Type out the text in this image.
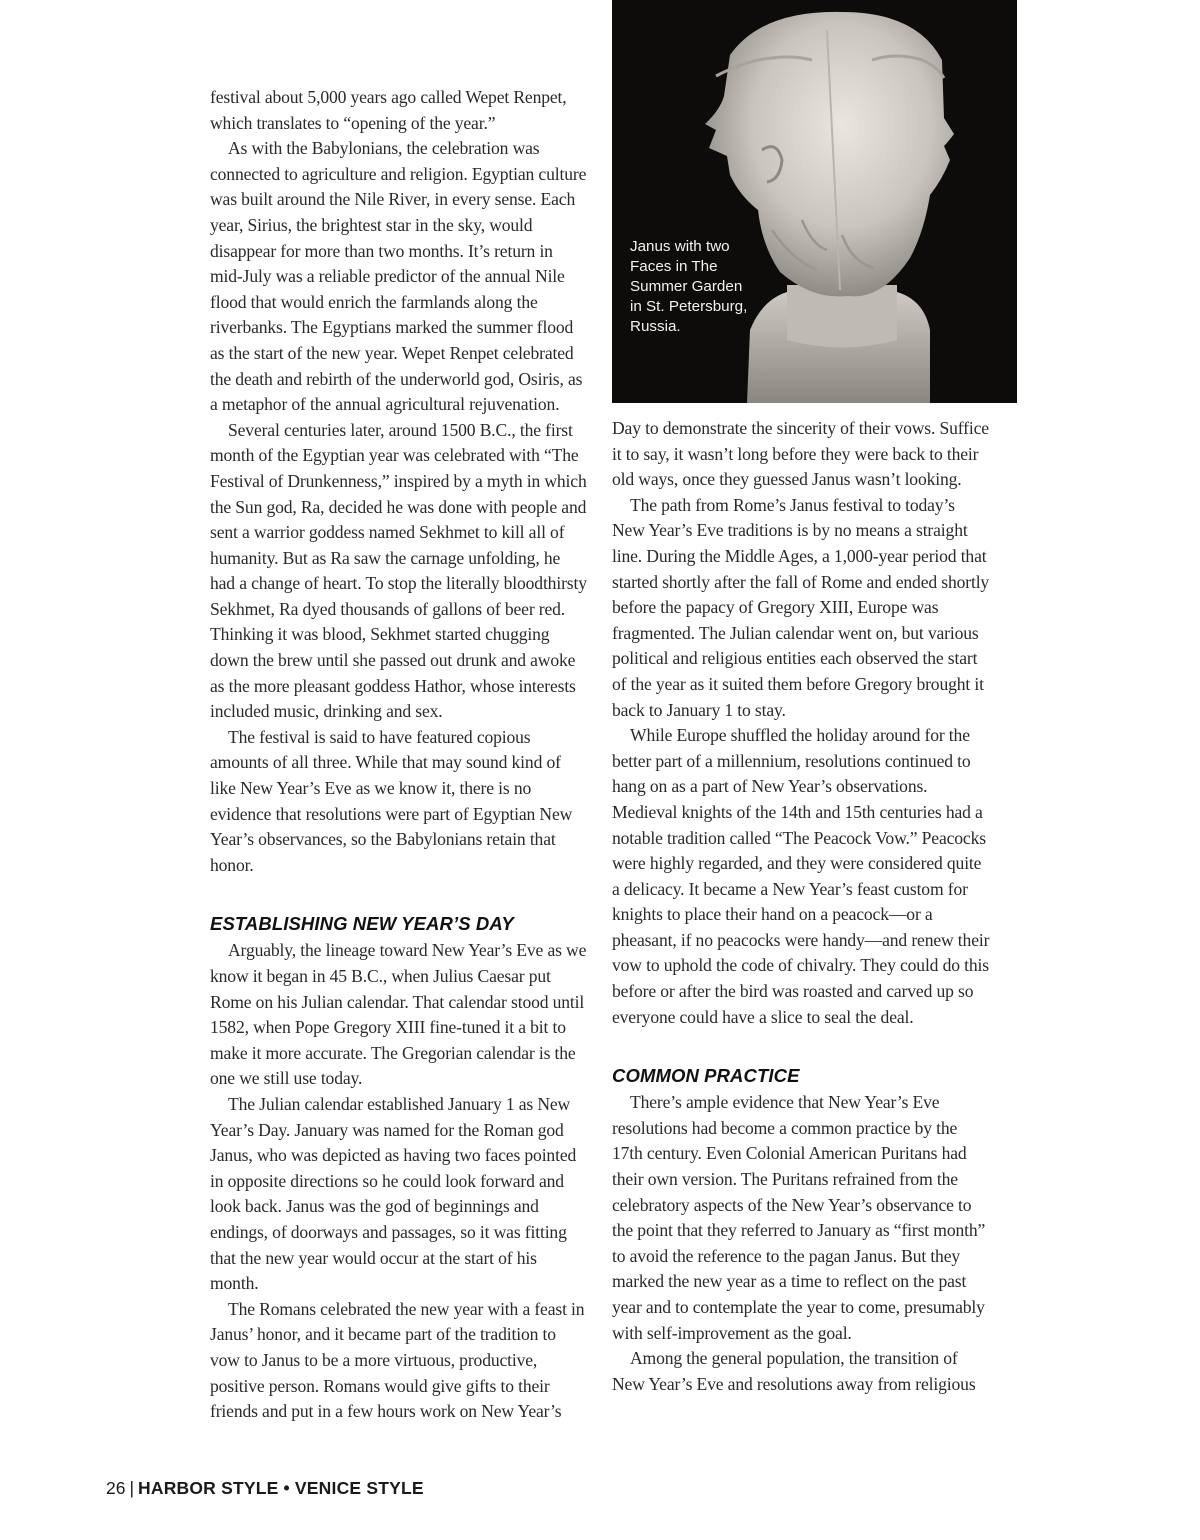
festival about 5,000 years ago called Wepet Renpet, which translates to “opening of the year.”

As with the Babylonians, the celebration was connected to agriculture and religion. Egyptian culture was built around the Nile River, in every sense. Each year, Sirius, the brightest star in the sky, would disappear for more than two months. It’s return in mid-July was a reliable predictor of the annual Nile flood that would enrich the farmlands along the riverbanks. The Egyptians marked the summer flood as the start of the new year. Wepet Renpet celebrated the death and rebirth of the underworld god, Osiris, as a metaphor of the annual agricultural rejuvenation.

Several centuries later, around 1500 B.C., the first month of the Egyptian year was celebrated with “The Festival of Drunkenness,” inspired by a myth in which the Sun god, Ra, decided he was done with people and sent a warrior goddess named Sekhmet to kill all of humanity. But as Ra saw the carnage unfolding, he had a change of heart. To stop the literally bloodthirsty Sekhmet, Ra dyed thousands of gallons of beer red. Thinking it was blood, Sekhmet started chugging down the brew until she passed out drunk and awoke as the more pleasant goddess Hathor, whose interests included music, drinking and sex.

The festival is said to have featured copious amounts of all three. While that may sound kind of like New Year’s Eve as we know it, there is no evidence that resolutions were part of Egyptian New Year’s observances, so the Babylonians retain that honor.

ESTABLISHING NEW YEAR’S DAY

Arguably, the lineage toward New Year’s Eve as we know it began in 45 B.C., when Julius Caesar put Rome on his Julian calendar. That calendar stood until 1582, when Pope Gregory XIII fine-tuned it a bit to make it more accurate. The Gregorian calendar is the one we still use today.

The Julian calendar established January 1 as New Year’s Day. January was named for the Roman god Janus, who was depicted as having two faces pointed in opposite directions so he could look forward and look back. Janus was the god of beginnings and endings, of doorways and passages, so it was fitting that the new year would occur at the start of his month.

The Romans celebrated the new year with a feast in Janus’ honor, and it became part of the tradition to vow to Janus to be a more virtuous, productive, positive person. Romans would give gifts to their friends and put in a few hours work on New Year’s

Day to demonstrate the sincerity of their vows. Suffice it to say, it wasn’t long before they were back to their old ways, once they guessed Janus wasn’t looking.

The path from Rome’s Janus festival to today’s New Year’s Eve traditions is by no means a straight line. During the Middle Ages, a 1,000-year period that started shortly after the fall of Rome and ended shortly before the papacy of Gregory XIII, Europe was fragmented. The Julian calendar went on, but various political and religious entities each observed the start of the year as it suited them before Gregory brought it back to January 1 to stay.

While Europe shuffled the holiday around for the better part of a millennium, resolutions continued to hang on as a part of New Year’s observations. Medieval knights of the 14th and 15th centuries had a notable tradition called “The Peacock Vow.” Peacocks were highly regarded, and they were considered quite a delicacy. It became a New Year’s feast custom for knights to place their hand on a peacock—or a pheasant, if no peacocks were handy—and renew their vow to uphold the code of chivalry. They could do this before or after the bird was roasted and carved up so everyone could have a slice to seal the deal.

COMMON PRACTICE

There’s ample evidence that New Year’s Eve resolutions had become a common practice by the 17th century. Even Colonial American Puritans had their own version. The Puritans refrained from the celebratory aspects of the New Year’s observance to the point that they referred to January as “first month” to avoid the reference to the pagan Janus. But they marked the new year as a time to reflect on the past year and to contemplate the year to come, presumably with self-improvement as the goal.

Among the general population, the transition of New Year’s Eve and resolutions away from religious

Janus with two Faces in The Summer Garden in St. Petersburg, Russia.
26 | HARBOR STYLE • VENICE STYLE
